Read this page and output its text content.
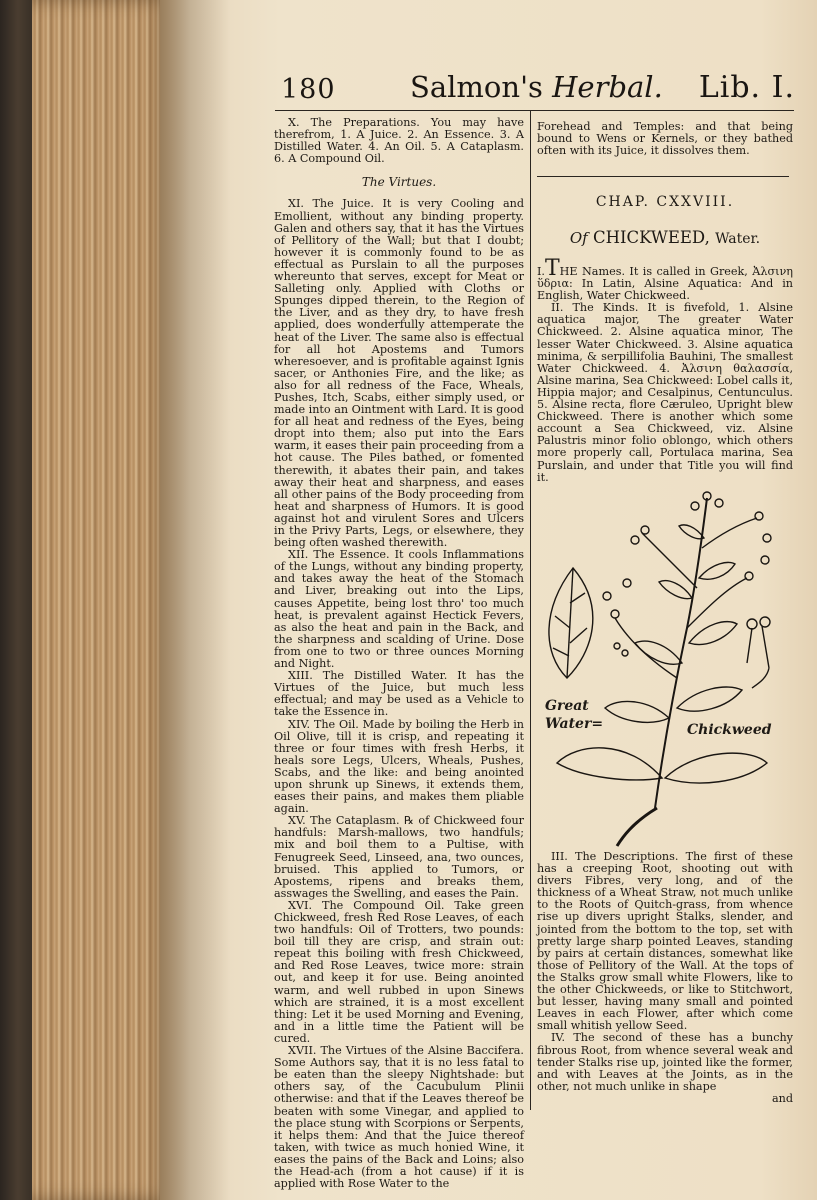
180	Salmon's Herbal. Lib. I.

X. The Preparations. You may have therefrom, 1. A Juice. 2. An Essence. 3. A Distilled Water. 4. An Oil. 5. A Cataplasm. 6. A Compound Oil.

The Virtues.

XI. The Juice. It is very Cooling and Emollient, without any binding property. Galen and others say, that it has the Virtues of Pellitory of the Wall; but that I doubt; however it is commonly found to be as effectual as Purslain to all the purposes whereunto that serves, except for Meat or Salleting only. Applied with Cloths or Spunges dipped therein, to the Region of the Liver, and as they dry, to have fresh applied, does wonderfully attemperate the heat of the Liver. The same also is effectual for all hot Apostems and Tumors wheresoever, and is profitable against Ignis sacer, or Anthonies Fire, and the like; as also for all redness of the Face, Wheals, Pushes, Itch, Scabs, either simply used, or made into an Ointment with Lard. It is good for all heat and redness of the Eyes, being dropt into them; also put into the Ears warm, it eases their pain proceeding from a hot cause. The Piles bathed, or fomented therewith, it abates their pain, and takes away their heat and sharpness, and eases all other pains of the Body proceeding from heat and sharpness of Humors. It is good against hot and virulent Sores and Ulcers in the Privy Parts, Legs, or elsewhere, they being often washed therewith.

XII. The Essence. It cools Inflammations of the Lungs, without any binding property, and takes away the heat of the Stomach and Liver, breaking out into the Lips, causes Appetite, being lost thro' too much heat, is prevalent against Hectick Fevers, as also the heat and pain in the Back, and the sharpness and scalding of Urine. Dose from one to two or three ounces Morning and Night.

XIII. The Distilled Water. It has the Virtues of the Juice, but much less effectual; and may be used as a Vehicle to take the Essence in.

XIV. The Oil. Made by boiling the Herb in Oil Olive, till it is crisp, and repeating it three or four times with fresh Herbs, it heals sore Legs, Ulcers, Wheals, Pushes, Scabs, and the like: and being anointed upon shrunk up Sinews, it extends them, eases their pains, and makes them pliable again.

XV. The Cataplasm. ℞ of Chickweed four handfuls: Marsh-mallows, two handfuls; mix and boil them to a Pultise, with Fenugreek Seed, Linseed, ana, two ounces, bruised. This applied to Tumors, or Apostems, ripens and breaks them, asswages the Swelling, and eases the Pain.

XVI. The Compound Oil. Take green Chickweed, fresh Red Rose Leaves, of each two handfuls: Oil of Trotters, two pounds: boil till they are crisp, and strain out: repeat this boiling with fresh Chickweed, and Red Rose Leaves, twice more: strain out, and keep it for use. Being anointed warm, and well rubbed in upon Sinews which are strained, it is a most excellent thing: Let it be used Morning and Evening, and in a little time the Patient will be cured.

XVII. The Virtues of the Alsine Baccifera. Some Authors say, that it is no less fatal to be eaten than the sleepy Nightshade: but others say, of the Cacubulum Plinii otherwise: and that if the Leaves thereof be beaten with some Vinegar, and applied to the place stung with Scorpions or Serpents, it helps them: And that the Juice thereof taken, with twice as much honied Wine, it eases the pains of the Back and Loins; also the Head-ach (from a hot cause) if it is applied with Rose Water to the

Forehead and Temples: and that being bound to Wens or Kernels, or they bathed often with its Juice, it dissolves them.

CHAP. CXXVIII.
Of CHICKWEED, Water.

I.THE Names. It is called in Greek, Ἀλσινη ὕδρια: In Latin, Alsine Aquatica: And in English, Water Chickweed.

II. The Kinds. It is fivefold, 1. Alsine aquatica major, The greater Water Chickweed. 2. Alsine aquatica minor, The lesser Water Chickweed. 3. Alsine aquatica minima, & serpillifolia Bauhini, The smallest Water Chickweed. 4. Ἀλσινη θαλασσία, Alsine marina, Sea Chickweed: Lobel calls it, Hippia major; and Cesalpinus, Centunculus. 5. Alsine recta, flore Cæruleo, Upright blew Chickweed. There is another which some account a Sea Chickweed, viz. Alsine Palustris minor folio oblongo, which others more properly call, Portulaca marina, Sea Purslain, and under that Title you will find it.

Great
Water=	Chickweed

III. The Descriptions. The first of these has a creeping Root, shooting out with divers Fibres, very long, and of the thickness of a Wheat Straw, not much unlike to the Roots of Quitch-grass, from whence rise up divers upright Stalks, slender, and jointed from the bottom to the top, set with pretty large sharp pointed Leaves, standing by pairs at certain distances, somewhat like those of Pellitory of the Wall. At the tops of the Stalks grow small white Flowers, like to the other Chickweeds, or like to Stitchwort, but lesser, having many small and pointed Leaves in each Flower, after which come small whitish yellow Seed.

IV. The second of these has a bunchy fibrous Root, from whence several weak and tender Stalks rise up, jointed like the former, and with Leaves at the Joints, as in the other, not much unlike in shape

and
